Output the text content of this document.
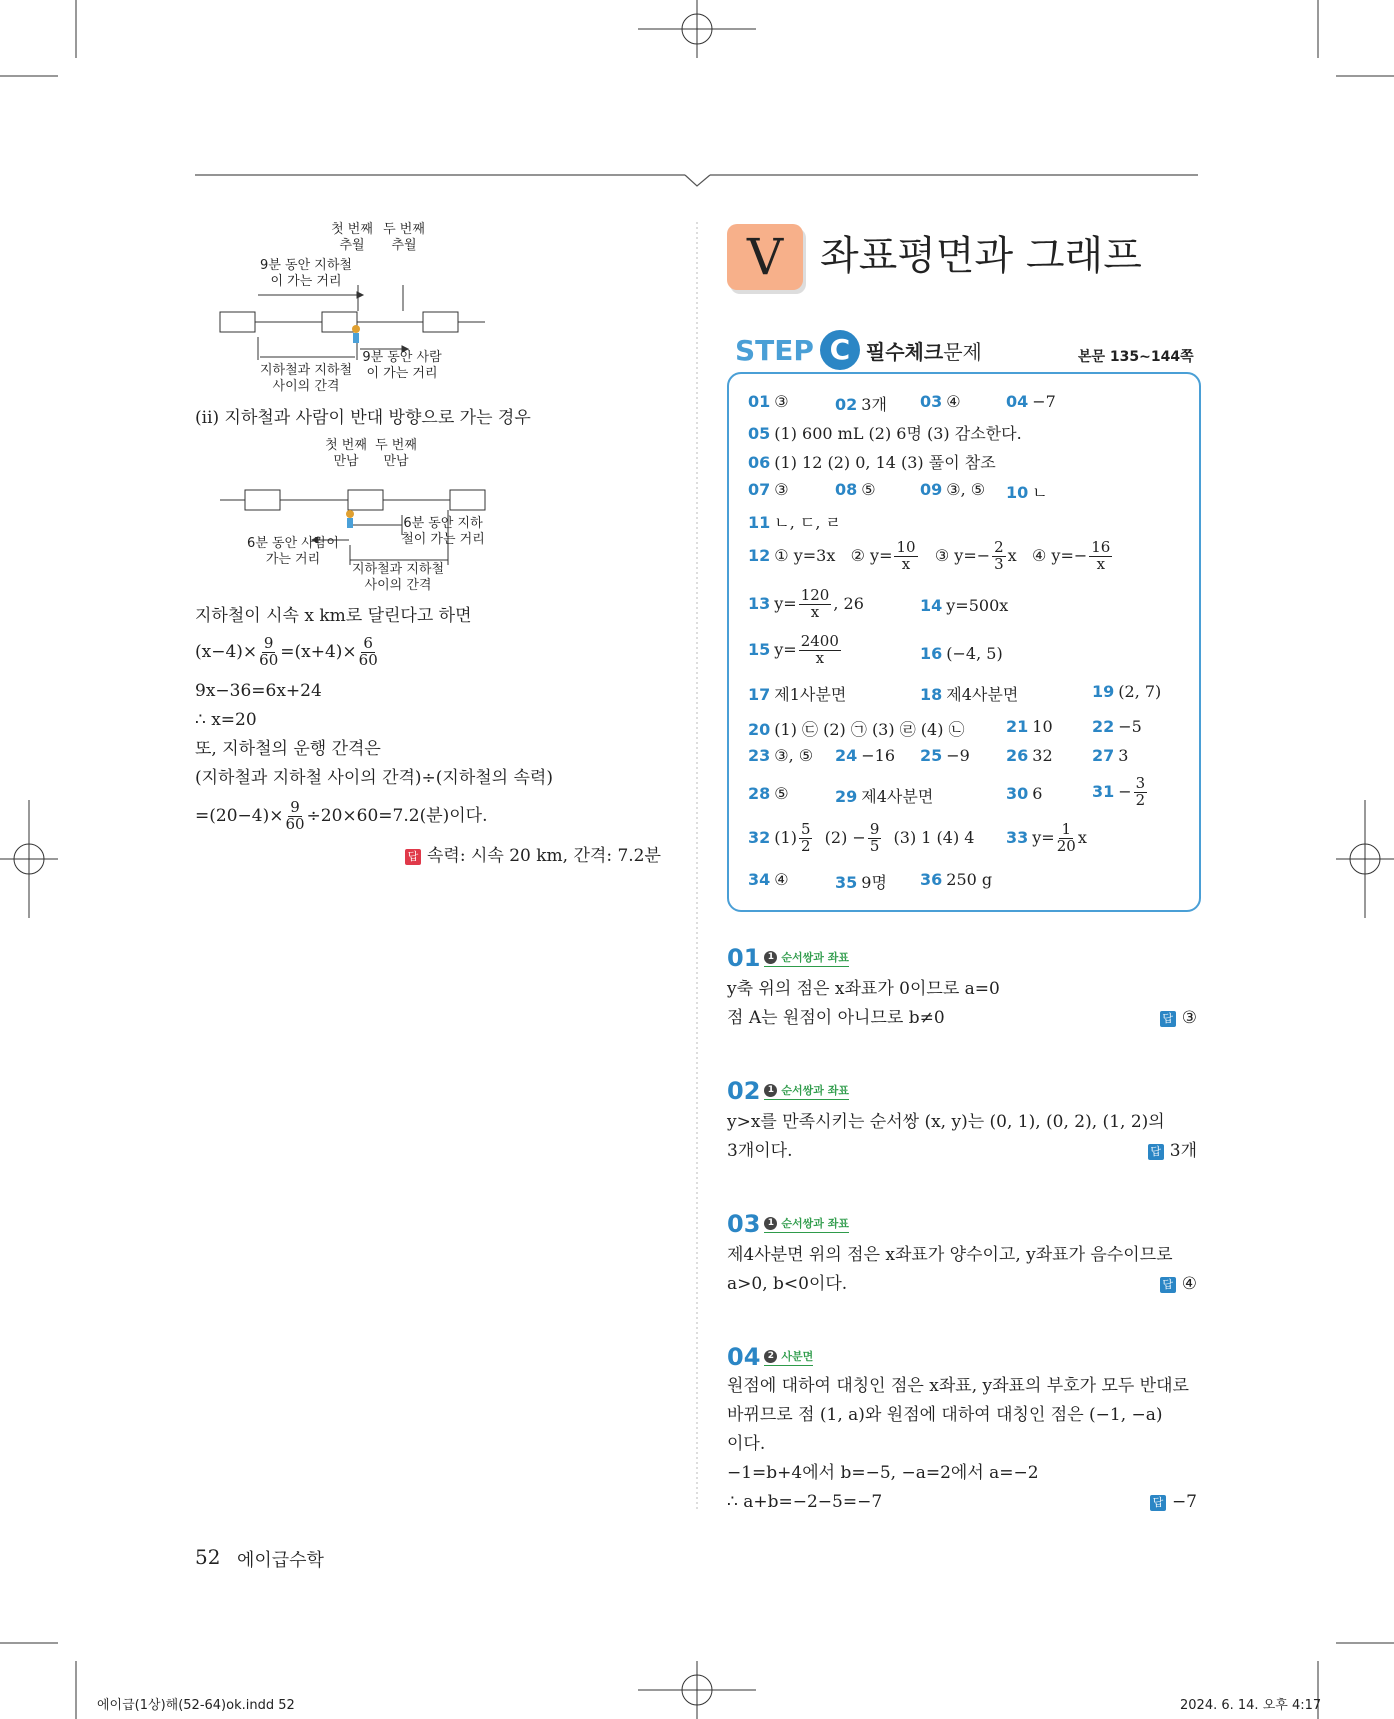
첫 번째 추월
두 번째 추월
9분 동안 지하철이 가는 거리
지하철과 지하철 사이의 간격
9분 동안 사람이 가는 거리
(ⅱ) 지하철과 사람이 반대 방향으로 가는 경우
첫 번째 만남
두 번째 만남
6분 동안 지하철이 가는 거리
6분 동안 사람이 가는 거리
지하철과 지하철 사이의 간격
지하철이 시속 x km로 달린다고 하면
$(x-4)\times \frac{9}{60} =(x+4)\times \frac{6}{60}$
9x−36=6x+24
∴ x=20
또, 지하철의 운행 간격은
(지하철과 지하철 사이의 간격)÷(지하철의 속력)
$=(20-4)\times \frac{9}{60} \div 20\times 60=7.2$(분)이다.
답 속력: 시속 20 km, 간격: 7.2분
V 좌표평면과 그래프
STEP C 필수체크 문제	본문 135∼144쪽
01 ③	02 3개 03 ④	04 −7
05 (1) 600 mL (2) 6명 (3) 감소한다.
06 (1) 12 (2) 0, 14 (3) 풀이 참조
07 ③	08 ⑤	09 ③, ⑤ 10 ㄴ
11 ㄴ, ㄷ, ㄹ
12 ① y=3x ② $y= \frac{10}{x}$ ③ $y=- \frac{2}{3}$ x ④ $y=- \frac{16}{x}$
13 $y= \frac{120}{x}$ , 26	14 y=500x
15 $y= \frac{2400}{x}$	16 (−4, 5)
17 제1사분면	18 제4사분면	19 (2, 7)
20 (1) ㉢ (2) ㉠ (3) ㉣ (4) ㉡	21 10 22 −5
23 ③, ⑤ 24 −16 25 −9 26 32 27 3
28 ⑤	29 제4사분면	30 6	$31 - \frac{3}{2}$
32 $(1) \frac{5}{2} (2) - \frac{9}{5} (3)$ 1 (4) 4 33 $y= \frac{1}{20}$ x
34 ④	35 9명 36 250 g
01 1 순서쌍과 좌표
y축 위의 점은 x좌표가 0이므로 a=0
점 A는 원점이 아니므로 b≠0	답 ③
02 1 순서쌍과 좌표
y>x를 만족시키는 순서쌍 (x, y)는 (0, 1), (0, 2), (1, 2)의
3개이다.	답 3개
03 1 순서쌍과 좌표
제4사분면 위의 점은 x좌표가 양수이고, y좌표가 음수이므로
a>0, b<0이다.	답 ④
04 2 사분면
원점에 대하여 대칭인 점은 x좌표, y좌표의 부호가 모두 반대로
바뀌므로 점 (1, a)와 원점에 대하여 대칭인 점은 (−1, −a)
이다.
−1=b+4에서 b=−5, −a=2에서 a=−2
∴ a+b=−2−5=−7	답 −7
52 에이급수학
에이급(1상)해(52-64)ok.indd 52	2024. 6. 14. 오후 4:17
